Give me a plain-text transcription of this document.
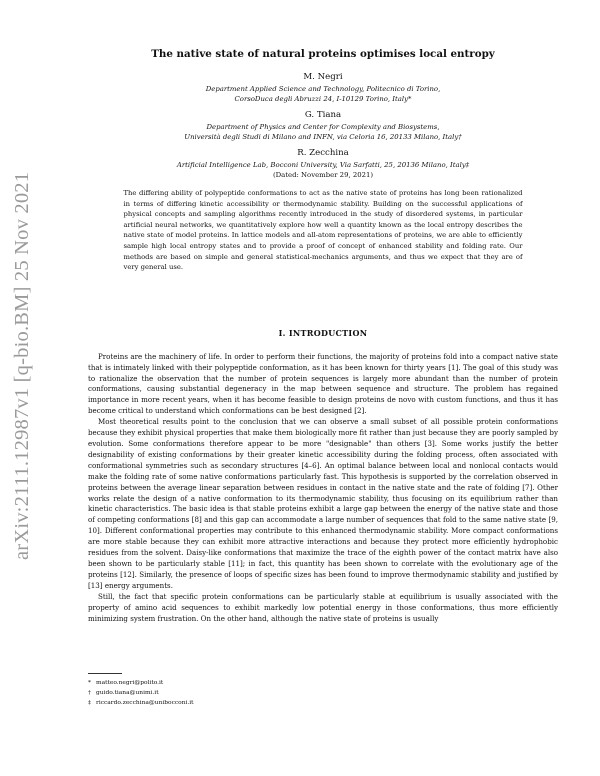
arXiv:2111.12987v1 [q-bio.BM] 25 Nov 2021
The native state of natural proteins optimises local entropy
M. Negri
Department Applied Science and Technology, Politecnico di Torino,
CorsoDuca degli Abruzzi 24, I-10129 Torino, Italy*
G. Tiana
Department of Physics and Center for Complexity and Biosystems,
Università degli Studi di Milano and INFN, via Celoria 16, 20133 Milano, Italy†
R. Zecchina
Artificial Intelligence Lab, Bocconi University, Via Sarfatti, 25, 20136 Milano, Italy‡
(Dated: November 29, 2021)

The differing ability of polypeptide conformations to act as the native state of proteins has long been rationalized in terms of differing kinetic accessibility or thermodynamic stability. Building on the successful applications of physical concepts and sampling algorithms recently introduced in the study of disordered systems, in particular artificial neural networks, we quantitatively explore how well a quantity known as the local entropy describes the native state of model proteins. In lattice models and all-atom representations of proteins, we are able to efficiently sample high local entropy states and to provide a proof of concept of enhanced stability and folding rate. Our methods are based on simple and general statistical-mechanics arguments, and thus we expect that they are of very general use.

I. INTRODUCTION

Proteins are the machinery of life. In order to perform their functions, the majority of proteins fold into a compact native state that is intimately linked with their polypeptide conformation, as it has been known for thirty years [1]. The goal of this study was to rationalize the observation that the number of protein sequences is largely more abundant than the number of protein conformations, causing substantial degeneracy in the map between sequence and structure. The problem has regained importance in more recent years, when it has become feasible to design proteins de novo with custom functions, and thus it has become critical to understand which conformations can be best designed [2].

Most theoretical results point to the conclusion that we can observe a small subset of all possible protein conformations because they exhibit physical properties that make them biologically more fit rather than just because they are poorly sampled by evolution. Some conformations therefore appear to be more "designable" than others [3]. Some works justify the better designability of existing conformations by their greater kinetic accessibility during the folding process, often associated with conformational symmetries such as secondary structures [4–6]. An optimal balance between local and nonlocal contacts would make the folding rate of some native conformations particularly fast. This hypothesis is supported by the correlation observed in proteins between the average linear separation between residues in contact in the native state and the rate of folding [7]. Other works relate the design of a native conformation to its thermodynamic stability, thus focusing on its equilibrium rather than kinetic characteristics. The basic idea is that stable proteins exhibit a large gap between the energy of the native state and those of competing conformations [8] and this gap can accommodate a large number of sequences that fold to the same native state [9, 10]. Different conformational properties may contribute to this enhanced thermodynamic stability. More compact conformations are more stable because they can exhibit more attractive interactions and because they protect more efficiently hydrophobic residues from the solvent. Daisy-like conformations that maximize the trace of the eighth power of the contact matrix have also been shown to be particularly stable [11]; in fact, this quantity has been shown to correlate with the evolutionary age of the proteins [12]. Similarly, the presence of loops of specific sizes has been found to improve thermodynamic stability and justified by [13] energy arguments.

Still, the fact that specific protein conformations can be particularly stable at equilibrium is usually associated with the property of amino acid sequences to exhibit markedly low potential energy in those conformations, thus more efficiently minimizing system frustration. On the other hand, although the native state of proteins is usually

* matteo.negri@polito.it
† guido.tiana@unimi.it
‡ riccardo.zecchina@unibocconi.it
